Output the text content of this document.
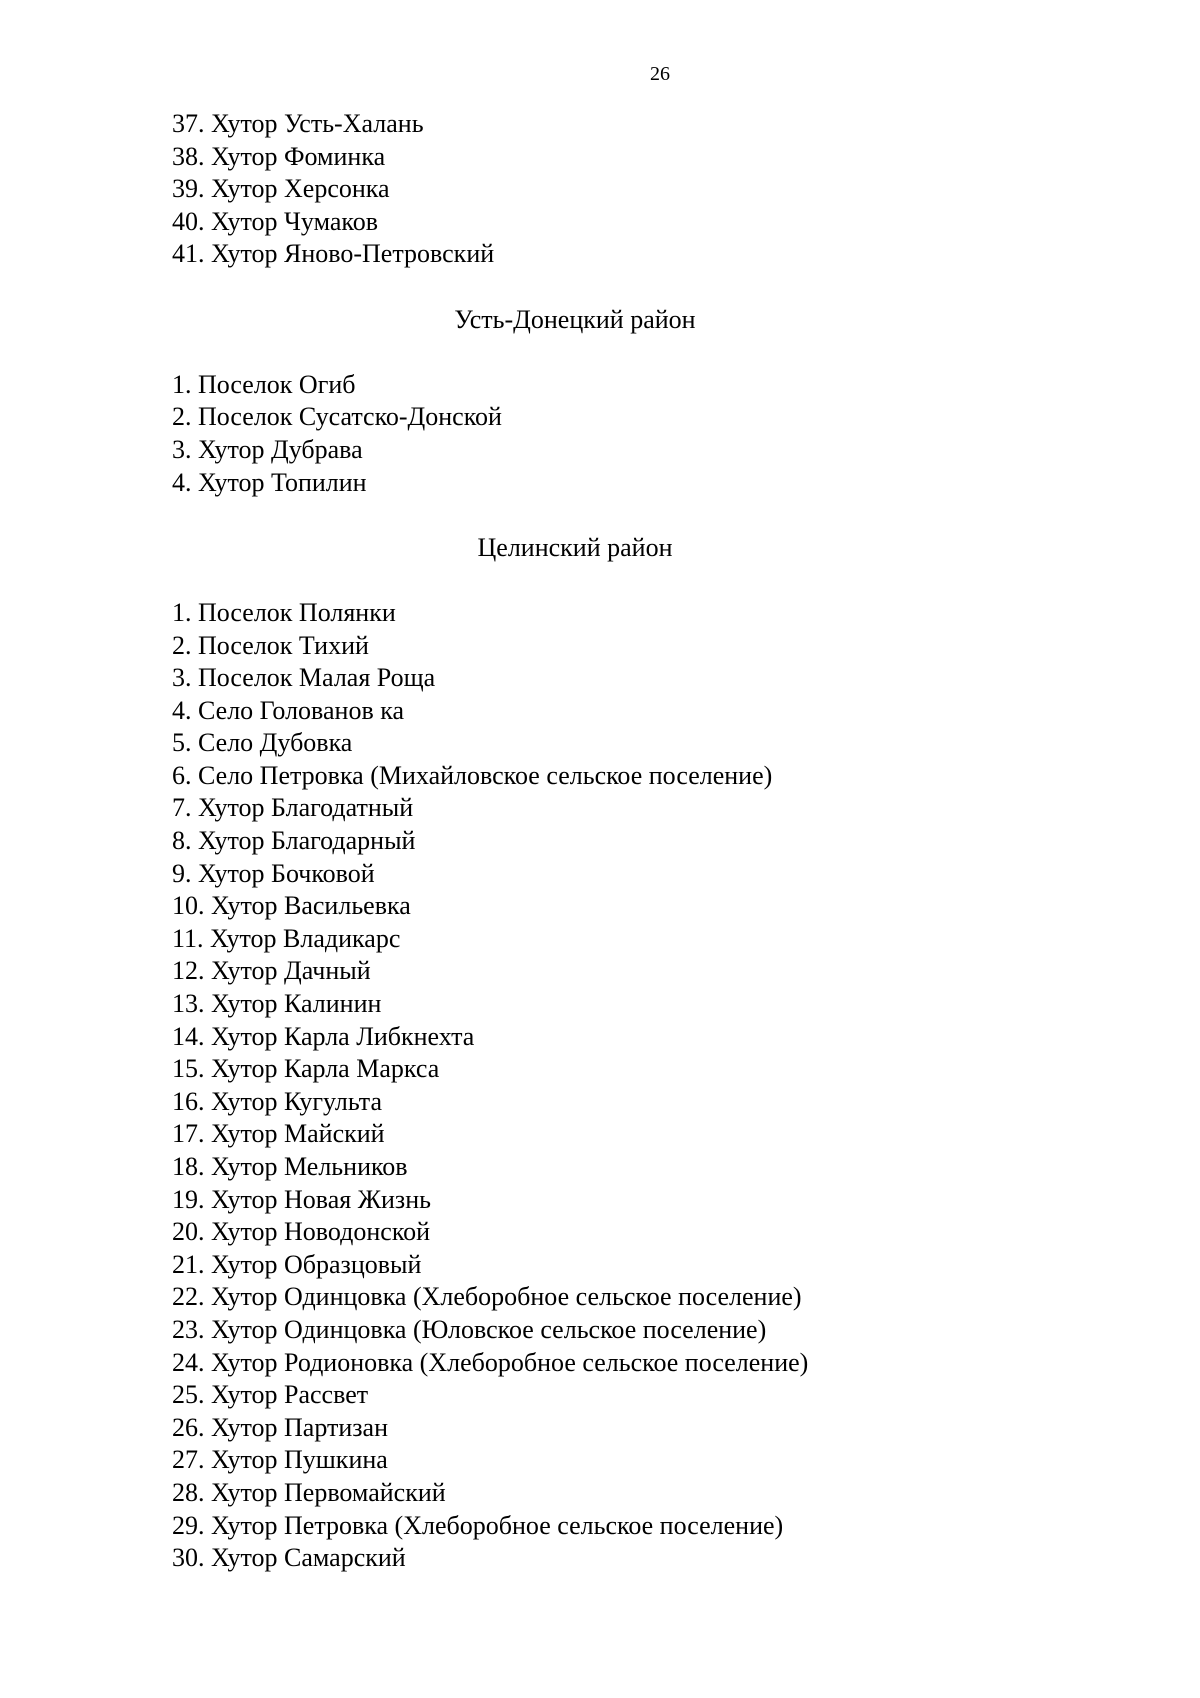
26
37. Хутор Усть-Халань
38. Хутор Фоминка
39. Хутор Херсонка
40. Хутор Чумаков
41. Хутор Яново-Петровский
Усть-Донецкий район
1. Поселок Огиб
2. Поселок Сусатско-Донской
3. Хутор Дубрава
4. Хутор Топилин
Целинский район
1. Поселок Полянки
2. Поселок Тихий
3. Поселок Малая Роща
4. Село Голованов ка
5. Село Дубовка
6. Село Петровка (Михайловское сельское поселение)
7. Хутор Благодатный
8. Хутор Благодарный
9. Хутор Бочковой
10. Хутор Васильевка
11. Хутор Владикарс
12. Хутор Дачный
13. Хутор Калинин
14. Хутор Карла Либкнехта
15. Хутор Карла Маркса
16. Хутор Кугульта
17. Хутор Майский
18. Хутор Мельников
19. Хутор Новая Жизнь
20. Хутор Новодонской
21. Хутор Образцовый
22. Хутор Одинцовка (Хлеборобное сельское поселение)
23. Хутор Одинцовка (Юловское сельское поселение)
24. Хутор Родионовка (Хлеборобное сельское поселение)
25. Хутор Рассвет
26. Хутор Партизан
27. Хутор Пушкина
28. Хутор Первомайский
29. Хутор Петровка (Хлеборобное сельское поселение)
30. Хутор Самарский
